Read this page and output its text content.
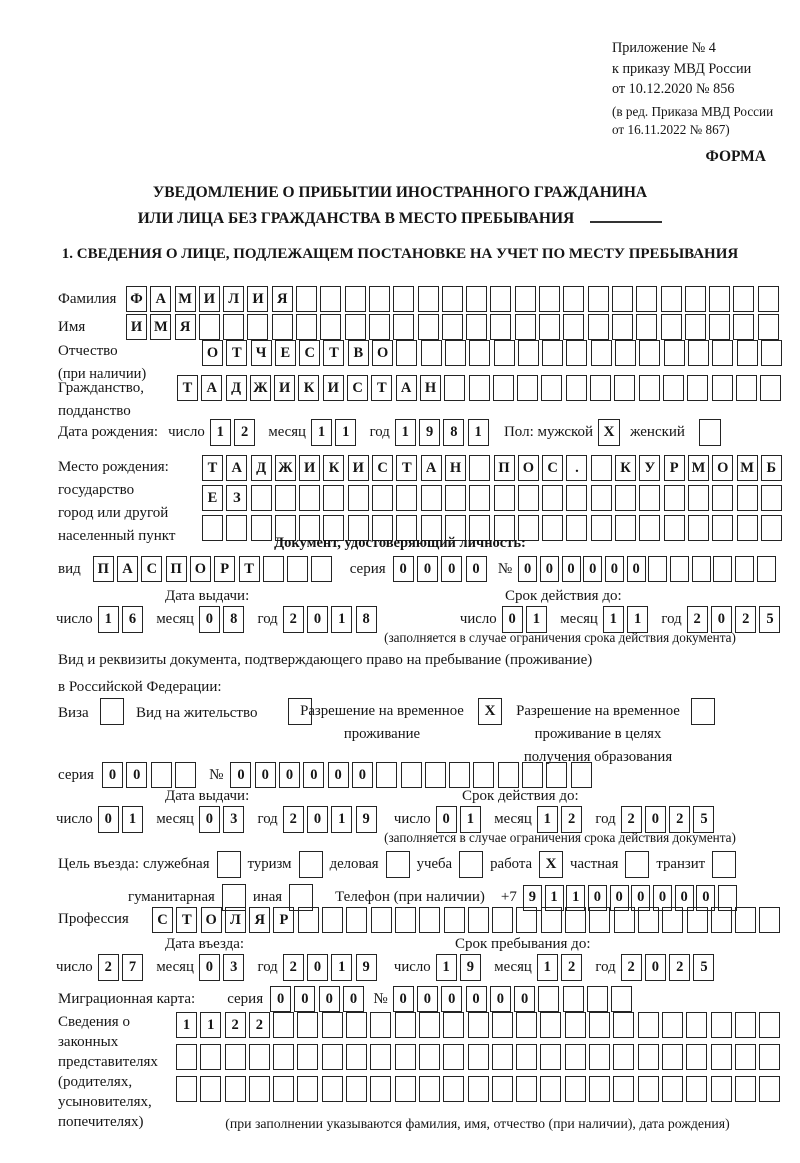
Приложение № 4
к приказу МВД России
от 10.12.2020 № 856
(в ред. Приказа МВД России
от 16.11.2022 № 867)
ФОРМА
УВЕДОМЛЕНИЕ О ПРИБЫТИИ ИНОСТРАННОГО ГРАЖДАНИНА
ИЛИ ЛИЦА БЕЗ ГРАЖДАНСТВА В МЕСТО ПРЕБЫВАНИЯ
1. СВЕДЕНИЯ О ЛИЦЕ, ПОДЛЕЖАЩЕМ ПОСТАНОВКЕ НА УЧЕТ ПО МЕСТУ ПРЕБЫВАНИЯ
Фамилия Ф А М И Л И Я
Имя	И М Я
Отчество
(при наличии)
О Т Ч Е С Т	В О
Гражданство,
подданство
Т А Д Ж И К И С Т А Н
Дата рождения: число 1	2	месяц 1	1	год 1	9	8	1	Пол: мужской X	женский
Место рождения:
государство
город или другой
населенный пункт
Т А Д Ж И К И С Т А Н	П О С	.	К У	Р М О М Б
Е	З
Документ, удостоверяющий личность:
вид	П А С П О Р	Т	серия 0	0	0	0	№ 0 0 0 0 0 0
Дата выдачи:	Срок действия до:
число 1	6	месяц 0	8	год 2	0	1	8	число 0	1	месяц 1	1	год 2	0	2	5
(заполняется в случае ограничения срока действия документа)
Вид и реквизиты документа, подтверждающего право на пребывание (проживание)
в Российской Федерации:
Виза	Вид на жительство	Разрешение на временное
проживание
X	Разрешение на временное
проживание в целях
получения образования
серия	0	0	№ 0	0	0	0	0	0
Дата выдачи:	Срок действия до:
число 0	1	месяц 0	3	год 2	0	1	9	число 0	1	месяц 1	2	год 2	0	2	5
(заполняется в случае ограничения срока действия документа)
Цель въезда: служебная	туризм	деловая	учеба	работа X частная	транзит
гуманитарная	иная	Телефон (при наличии) +7 9 1 1 0 0 0 0 0 0
Профессия	С Т О Л Я	Р
Дата въезда:	Срок пребывания до:
число 2	7	месяц 0	3	год 2	0	1	9	число 1	9	месяц 1	2	год 2	0	2	5
Миграционная карта: серия 0	0	0	0	№ 0	0	0	0	0	0
Сведения о
законных
представителях
(родителях,
усыновителях,
попечителях)
1	1	2	2
(при заполнении указываются фамилия, имя, отчество (при наличии), дата рождения)
